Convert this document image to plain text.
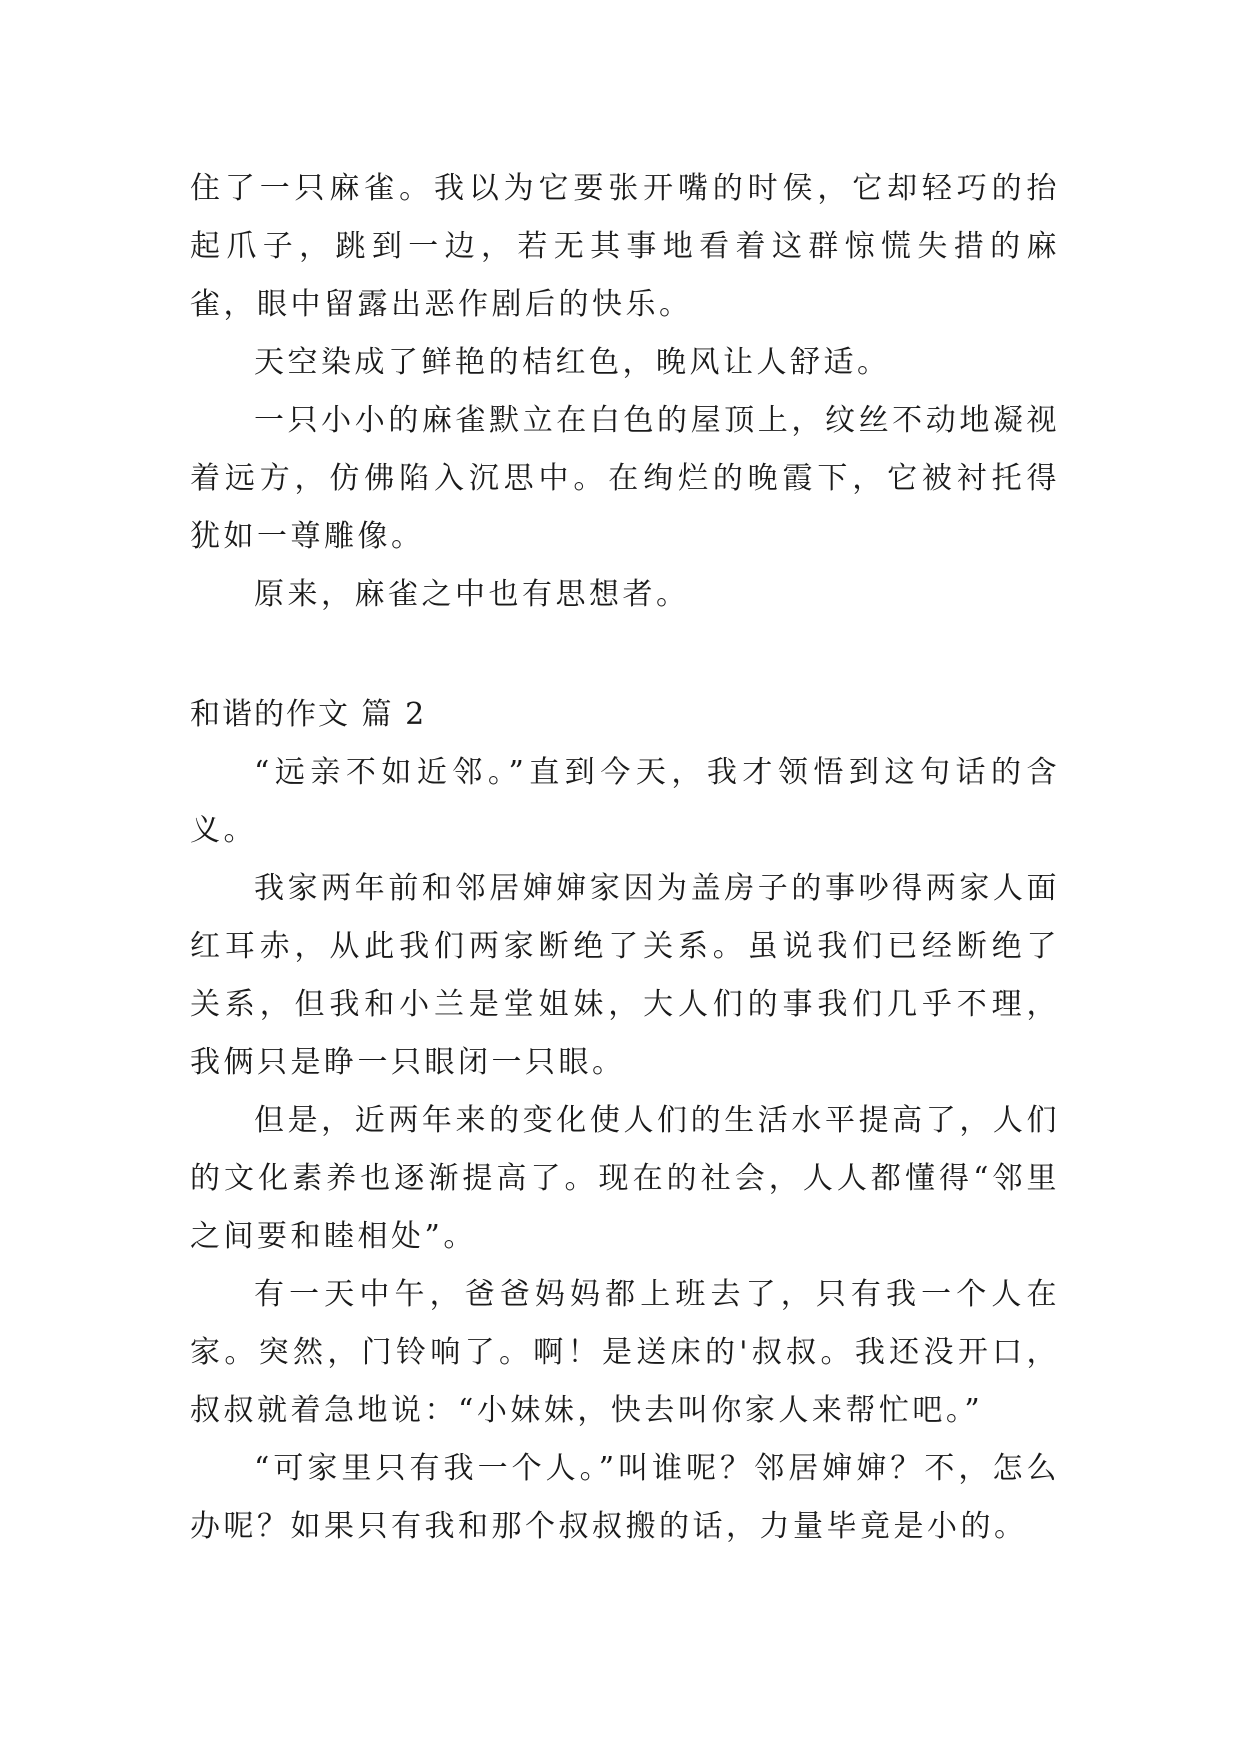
住了一只麻雀。我以为它要张开嘴的时侯，它却轻巧的抬起爪子，跳到一边，若无其事地看着这群惊慌失措的麻雀，眼中留露出恶作剧后的快乐。

天空染成了鲜艳的桔红色，晚风让人舒适。

一只小小的麻雀默立在白色的屋顶上，纹丝不动地凝视着远方，仿佛陷入沉思中。在绚烂的晚霞下，它被衬托得犹如一尊雕像。

原来，麻雀之中也有思想者。

和谐的作文 篇 2

“远亲不如近邻。”直到今天，我才领悟到这句话的含义。

我家两年前和邻居婶婶家因为盖房子的事吵得两家人面红耳赤，从此我们两家断绝了关系。虽说我们已经断绝了关系，但我和小兰是堂姐妹，大人们的事我们几乎不理，我俩只是睁一只眼闭一只眼。

但是，近两年来的变化使人们的生活水平提高了，人们的文化素养也逐渐提高了。现在的社会，人人都懂得“邻里之间要和睦相处”。

有一天中午，爸爸妈妈都上班去了，只有我一个人在家。突然，门铃响了。啊！是送床的'叔叔。我还没开口，叔叔就着急地说：“小妹妹，快去叫你家人来帮忙吧。”

“可家里只有我一个人。”叫谁呢？邻居婶婶？不，怎么办呢？如果只有我和那个叔叔搬的话，力量毕竟是小的。
